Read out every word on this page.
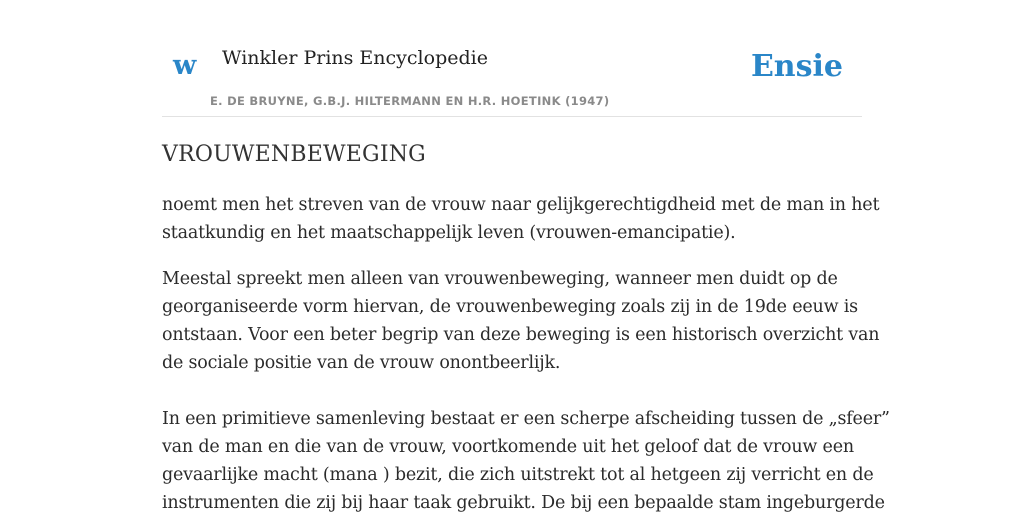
w Winkler Prins Encyclopedie
E. DE BRUYNE, G.B.J. HILTERMANN EN H.R. HOETINK (1947)
Ensie
VROUWENBEWEGING

noemt men het streven van de vrouw naar gelijkgerechtigdheid met de man in het
staatkundig en het maatschappelijk leven (vrouwen-emancipatie).

Meestal spreekt men alleen van vrouwenbeweging, wanneer men duidt op de
georganiseerde vorm hiervan, de vrouwenbeweging zoals zij in de 19de eeuw is
ontstaan. Voor een beter begrip van deze beweging is een historisch overzicht van
de sociale positie van de vrouw onontbeerlijk.

In een primitieve samenleving bestaat er een scherpe afscheiding tussen de „sfeer”
van de man en die van de vrouw, voortkomende uit het geloof dat de vrouw een
gevaarlijke macht (mana ) bezit, die zich uitstrekt tot al hetgeen zij verricht en de
instrumenten die zij bij haar taak gebruikt. De bij een bepaalde stam ingeburgerde
